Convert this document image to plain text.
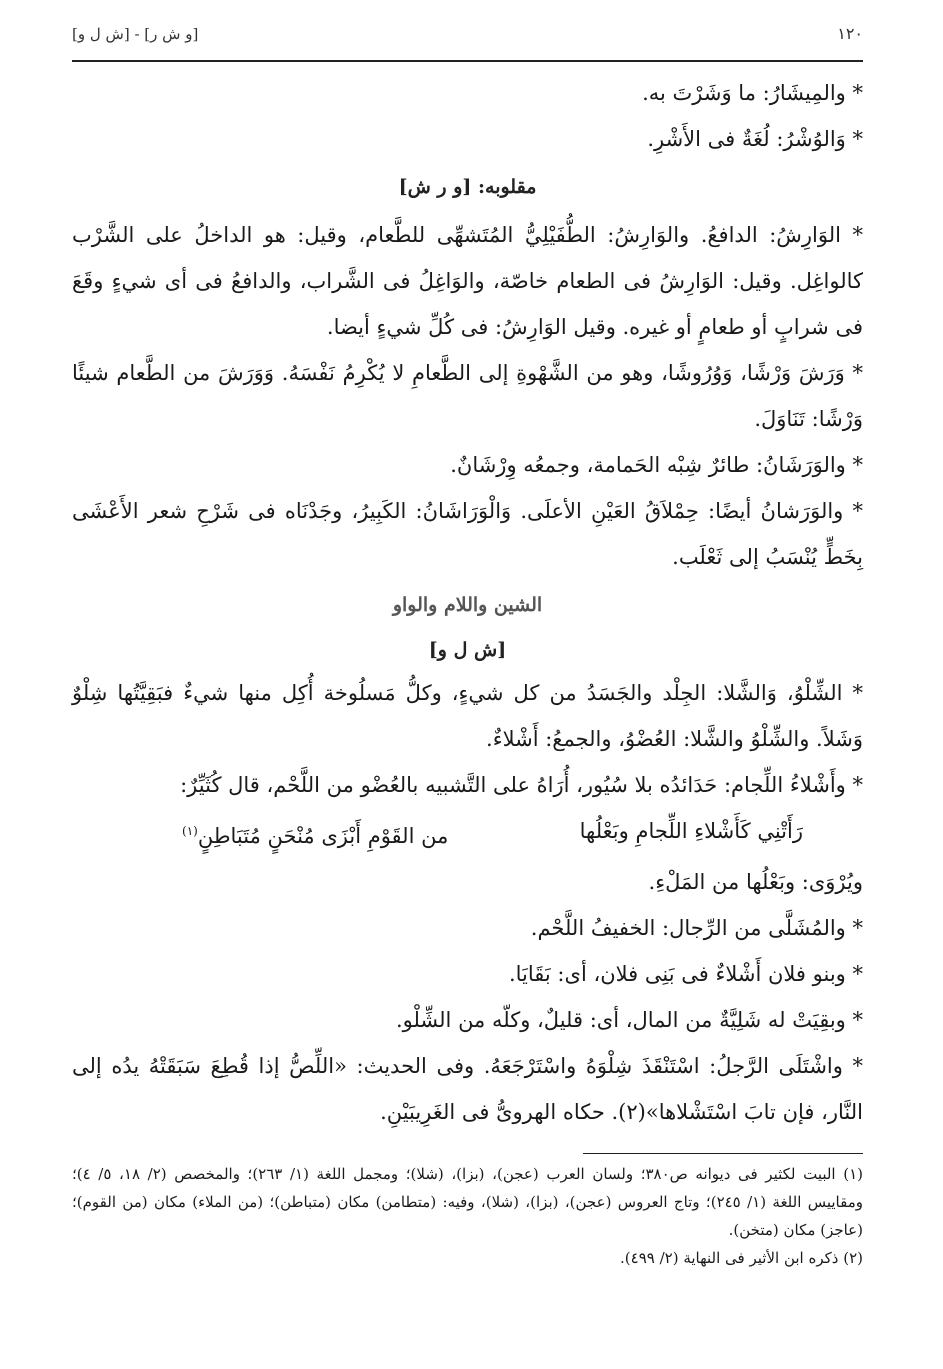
١٢٠
[و ش ر] - [ش ل و]

* والمِيشَارُ: ما وَشَرْتَ به.

* وَالوُشْرُ: لُغَةٌ فى الأَشْرِ.

مقلوبه: [و ر ش]

* الوَارِشُ: الدافعُ. والوَارِشُ: الطُّفَيْلِيُّ المُتَشهِّى للطَّعام، وقيل: هو الداخلُ على الشَّرْب كالواغِل. وقيل: الوَارِشُ فى الطعام خاصّة، والوَاغِلُ فى الشَّراب، والدافعُ فى أى شيءٍ وقَعَ فى شرابٍ أو طعامٍ أو غيره. وقيل الوَارِشُ: فى كُلِّ شيءٍ أيضا.

* وَرَشَ وَرْشًا، وَوُرُوشًا، وهو من الشَّهْوةِ إلى الطَّعامِ لا يُكْرِمُ نَفْسَهُ. وَوَرَشَ من الطَّعام شيئًا وَرْشًا: تَنَاوَلَ.

* والوَرَشَانُ: طائرٌ شِبْه الحَمامة، وجمعُه وِرْشَانٌ.

* والوَرَشانُ أيضًا: حِمْلاَقُ العَيْنِ الأعلَى. وَالْوَرَاشَانُ: الكَبِيرُ، وجَدْنَاه فى شَرْحِ شعر الأَعْشَى بِخَطٍّ يُنْسَبُ إلى ثَعْلَب.

الشين واللام والواو
[ش ل و]

* الشِّلْوُ، وَالشَّلا: الجِلْد والجَسَدُ من كل شيءٍ، وكلُّ مَسلُوخة أُكِل منها شيءٌ فبَقِيَّتُها شِلْوٌ وَشَلاً. والشِّلْوُ والشَّلا: العُضْوُ، والجمعُ: أَشْلاءٌ.

* وأَشْلاءُ اللِّجام: حَدَائدُه بلا سُيُور، أُرَاهُ على التَّشبيه بالعُضْو من اللَّحْم، قال كُثَيِّرٌ:

رَأَتْنِي كَأَشْلاءِ اللِّجامِ وبَعْلُها
من القَوْمِ أَبْزَى مُنْحَنٍ مُتَبَاطِنٍ$^{(١)}$

ويُرْوَى: وبَعْلُها من المَلْءِ.

* والمُشَلَّى من الرِّجال: الخفيفُ اللَّحْم.

* وبنو فلان أَشْلاءٌ فى بَنِى فلان، أى: بَقَايَا.

* وبقِيَتْ له شَلِيَّةٌ من المال، أى: قليلٌ، وكلّه من الشِّلْو.

* واشْتَلَى الرَّجلُ: اسْتَنْقَذَ شِلْوَهُ واسْتَرْجَعَهُ. وفى الحديث: «اللِّصُّ إذا قُطِعَ سَبَقَتْهُ يدُه إلى النَّار، فإن تابَ اسْتَشْلاها»(٢). حكاه الهروىُّ فى الغَرِيبَيْنِ.

(١) البيت لكثير فى ديوانه ص٣٨٠؛ ولسان العرب (عجن)، (بزا)، (شلا)؛ ومجمل اللغة (١/ ٢٦٣)؛ والمخصص (٢/ ١٨، ٥/ ٤)؛ ومقاييس اللغة (١/ ٢٤٥)؛ وتاج العروس (عجن)، (بزا)، (شلا)، وفيه: (متطامن) مكان (متباطن)؛ (من الملاء) مكان (من القوم)؛ (عاجز) مكان (متخن).

(٢) ذكره ابن الأثير فى النهاية (٢/ ٤٩٩).
